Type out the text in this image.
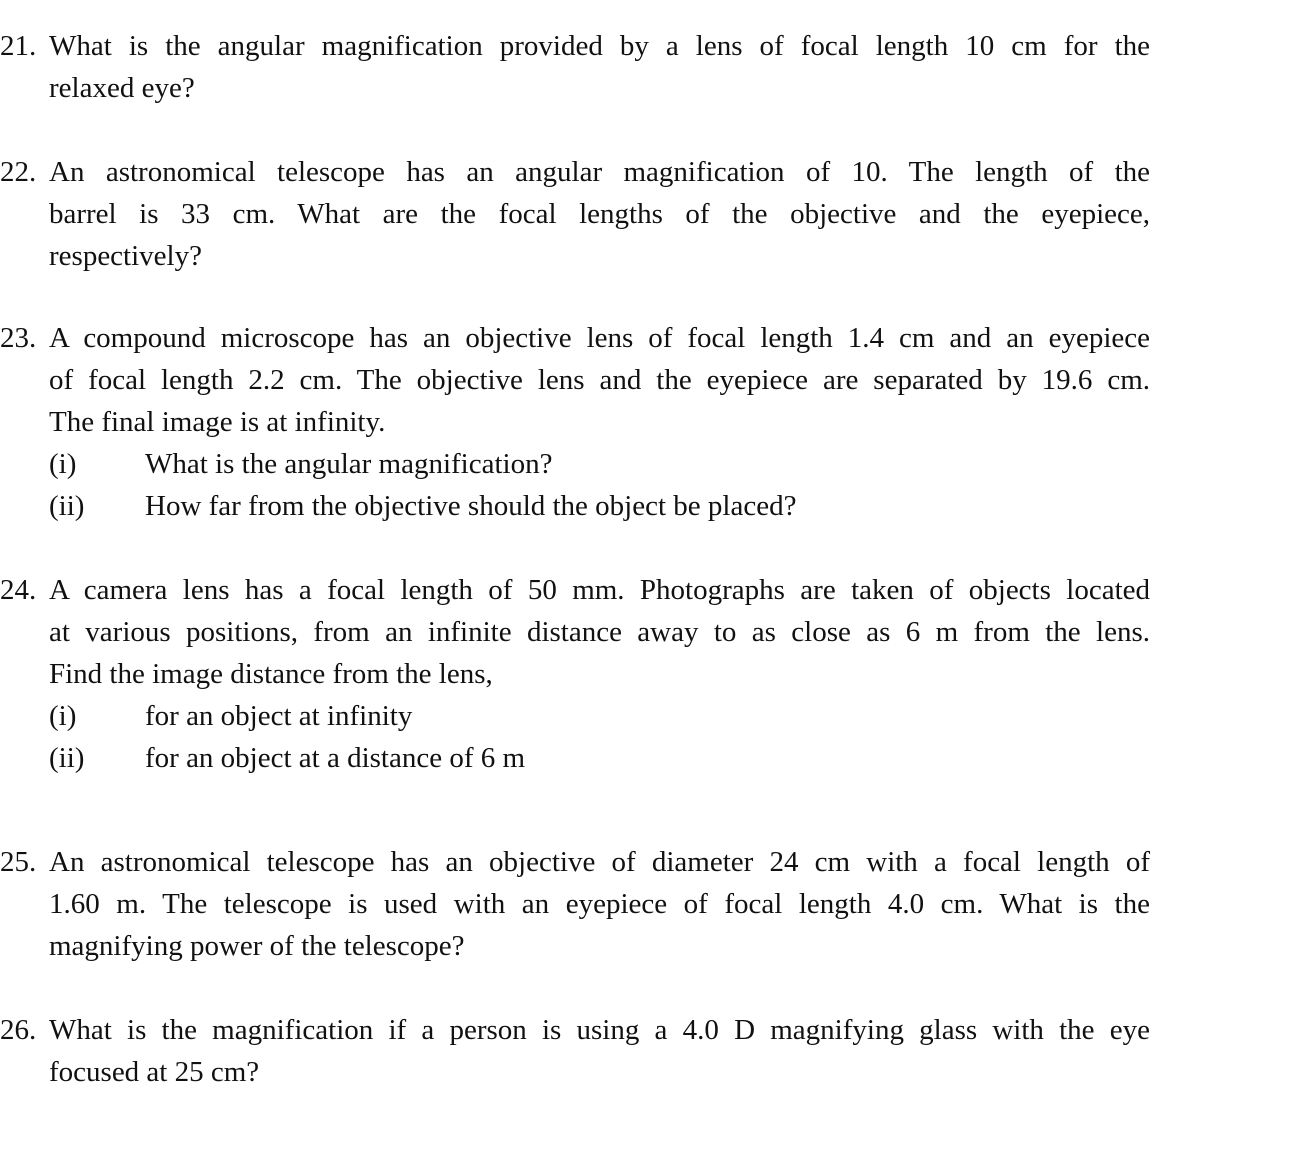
21. What is the angular magnification provided by a lens of focal length 10 cm for the
relaxed eye?
22. An astronomical telescope has an angular magnification of 10. The length of the
barrel is 33 cm. What are the focal lengths of the objective and the eyepiece,
respectively?
23. A compound microscope has an objective lens of focal length 1.4 cm and an eyepiece
of focal length 2.2 cm. The objective lens and the eyepiece are separated by 19.6 cm.
The final image is at infinity.
(i)	What is the angular magnification?
(ii)	How far from the objective should the object be placed?
24. A camera lens has a focal length of 50 mm. Photographs are taken of objects located
at various positions, from an infinite distance away to as close as 6 m from the lens.
Find the image distance from the lens,
(i)	for an object at infinity
(ii)	for an object at a distance of 6 m
25. An astronomical telescope has an objective of diameter 24 cm with a focal length of
1.60 m. The telescope is used with an eyepiece of focal length 4.0 cm. What is the
magnifying power of the telescope?
26. What is the magnification if a person is using a 4.0 D magnifying glass with the eye
focused at 25 cm?
